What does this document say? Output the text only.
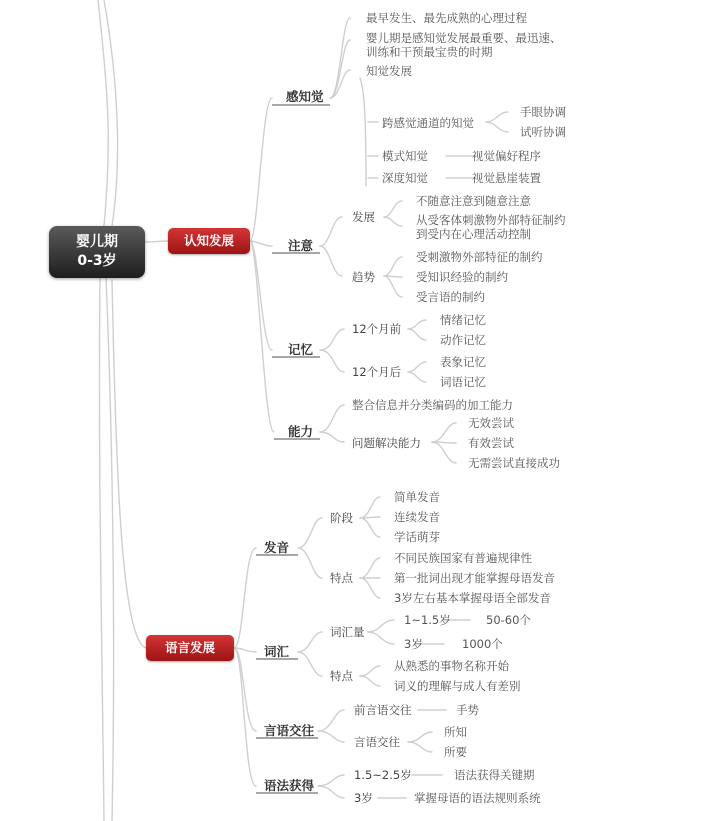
婴儿期
0-3岁
认知发展
语言发展
感知觉
最早发生、最先成熟的心理过程
婴儿期是感知觉发展最重要、最迅速、
训练和干预最宝贵的时期
知觉发展
跨感觉通道的知觉
手眼协调
试听协调
模式知觉	视觉偏好程序
深度知觉	视觉悬崖装置
注意
发展
不随意注意到随意注意
从受客体刺激物外部特征制约
到受内在心理活动控制
趋势
受刺激物外部特征的制约
受知识经验的制约
受言语的制约
记忆
12个月前
情绪记忆
动作记忆
12个月后
表象记忆
词语记忆
能力
整合信息并分类编码的加工能力
问题解决能力
无效尝试
有效尝试
无需尝试直接成功
发音
阶段
简单发音
连续发音
学话萌芽
特点
不同民族国家有普遍规律性
第一批词出现才能掌握母语发音
3岁左右基本掌握母语全部发音
词汇
词汇量
1~1.5岁	50-60个
3岁	1000个
特点
从熟悉的事物名称开始
词义的理解与成人有差别
言语交往
前言语交往	手势
言语交往
所知
所要
语法获得
1.5~2.5岁	语法获得关键期
3岁	掌握母语的语法规则系统
